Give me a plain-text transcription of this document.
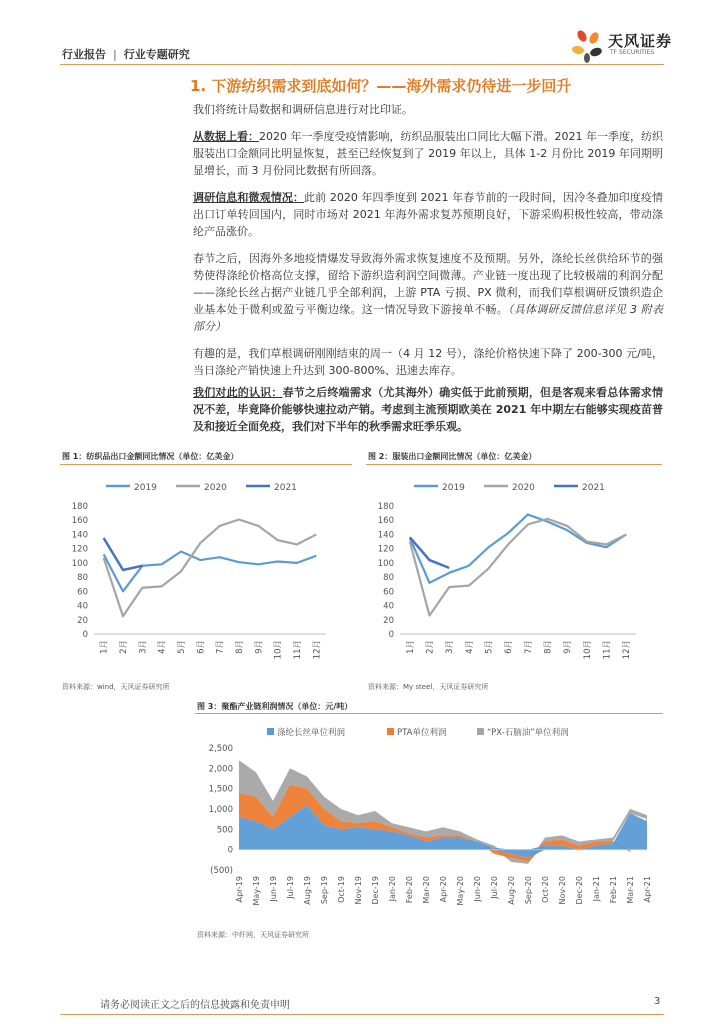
行业报告 | 行业专题研究
天风证券
TF SECURITIES
1. 下游纺织需求到底如何？——海外需求仍待进一步回升
我们将统计局数据和调研信息进行对比印证。
从数据上看：2020 年一季度受疫情影响，纺织品服装出口同比大幅下滑。2021 年一季度，纺织服装出口金额同比明显恢复，甚至已经恢复到了 2019 年以上，具体 1-2 月份比 2019 年同期明显增长，而 3 月份同比数据有所回落。
调研信息和微观情况：此前 2020 年四季度到 2021 年春节前的一段时间，因冷冬叠加印度疫情出口订单转回国内，同时市场对 2021 年海外需求复苏预期良好，下游采购积极性较高，带动涤纶产品涨价。
春节之后，因海外多地疫情爆发导致海外需求恢复速度不及预期。另外，涤纶长丝供给环节的强势使得涤纶价格高位支撑，留给下游织造利润空间微薄。产业链一度出现了比较极端的利润分配——涤纶长丝占据产业链几乎全部利润，上游 PTA 亏损、PX 微利，而我们草根调研反馈织造企业基本处于微利或盈亏平衡边缘。这一情况导致下游接单不畅。（具体调研反馈信息详见 3 附表部分）
有趣的是，我们草根调研刚刚结束的周一（4 月 12 号），涤纶价格快速下降了 200-300 元/吨，当日涤纶产销快速上升达到 300-800%、迅速去库存。
我们对此的认识：春节之后终端需求（尤其海外）确实低于此前预期，但是客观来看总体需求情况不差，毕竟降价能够快速拉动产销。考虑到主流预期欧美在 2021 年中期左右能够实现疫苗普及和接近全面免疫，我们对下半年的秋季需求旺季乐观。
图 1：纺织品出口金额同比情况（单位：亿美金）
2019	2020	2021
0
20
40
60
80
100
120
140
160
180
1月 2月 3月 4月 5月 6月 7月 8月 9月 10月 11月 12月
资料来源：wind，天风证券研究所
图 2：服装出口金额同比情况（单位：亿美金）
2019	2020	2021
0
20
40
60
80
100
120
140
160
180
1月 2月 3月 4月 5月 6月 7月 8月 9月 10月 11月 12月
资料来源：My steel，天风证券研究所
图 3：聚酯产业链利润情况（单位：元/吨）
涤纶长丝单位利润	PTA单位利润	“PX-石脑油”单位利润
(500)
0
500
1,000
1,500
2,000
2,500
Apr-19 May-19 Jun-19 Jul-19 Aug-19 Sep-19 Oct-19 Nov-19 Dec-19 Jan-20 Feb-20 Mar-20 Apr-20 May-20 Jun-20 Jul-20 Aug-20 Sep-20 Oct-20 Nov-20 Dec-20 Jan-21 Feb-21 Mar-21 Apr-21
资料来源：中纤网，天风证券研究所
请务必阅读正文之后的信息披露和免责申明	3
